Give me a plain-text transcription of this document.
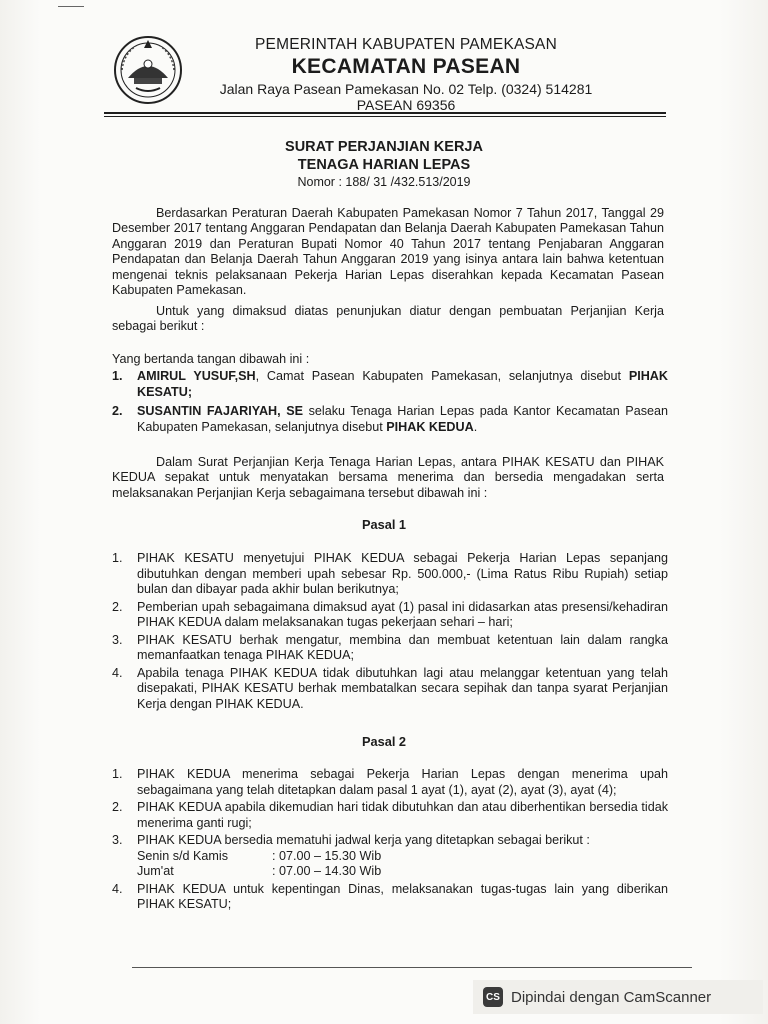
PEMERINTAH KABUPATEN PAMEKASAN
KECAMATAN PASEAN
Jalan Raya Pasean Pamekasan No. 02 Telp. (0324) 514281
PASEAN 69356
SURAT PERJANJIAN KERJA
TENAGA HARIAN LEPAS
Nomor : 188/ 31 /432.513/2019
Berdasarkan Peraturan Daerah Kabupaten Pamekasan Nomor 7 Tahun 2017, Tanggal 29 Desember 2017 tentang Anggaran Pendapatan dan Belanja Daerah Kabupaten Pamekasan Tahun Anggaran 2019 dan Peraturan Bupati Nomor 40 Tahun 2017 tentang Penjabaran Anggaran Pendapatan dan Belanja Daerah Tahun Anggaran 2019 yang isinya antara lain bahwa ketentuan mengenai teknis pelaksanaan Pekerja Harian Lepas diserahkan kepada Kecamatan Pasean Kabupaten Pamekasan.
Untuk yang dimaksud diatas penunjukan diatur dengan pembuatan Perjanjian Kerja sebagai berikut :
Yang bertanda tangan dibawah ini :
1. AMIRUL YUSUF,SH, Camat Pasean Kabupaten Pamekasan, selanjutnya disebut PIHAK KESATU;
2. SUSANTIN FAJARIYAH, SE selaku Tenaga Harian Lepas pada Kantor Kecamatan Pasean Kabupaten Pamekasan, selanjutnya disebut PIHAK KEDUA.
Dalam Surat Perjanjian Kerja Tenaga Harian Lepas, antara PIHAK KESATU dan PIHAK KEDUA sepakat untuk menyatakan bersama menerima dan bersedia mengadakan serta melaksanakan Perjanjian Kerja sebagaimana tersebut dibawah ini :
Pasal 1
1. PIHAK KESATU menyetujui PIHAK KEDUA sebagai Pekerja Harian Lepas sepanjang dibutuhkan dengan memberi upah sebesar Rp. 500.000,- (Lima Ratus Ribu Rupiah) setiap bulan dan dibayar pada akhir bulan berikutnya;
2. Pemberian upah sebagaimana dimaksud ayat (1) pasal ini didasarkan atas presensi/kehadiran PIHAK KEDUA dalam melaksanakan tugas pekerjaan sehari – hari;
3. PIHAK KESATU berhak mengatur, membina dan membuat ketentuan lain dalam rangka memanfaatkan tenaga PIHAK KEDUA;
4. Apabila tenaga PIHAK KEDUA tidak dibutuhkan lagi atau melanggar ketentuan yang telah disepakati, PIHAK KESATU berhak membatalkan secara sepihak dan tanpa syarat Perjanjian Kerja dengan PIHAK KEDUA.
Pasal 2
1. PIHAK KEDUA menerima sebagai Pekerja Harian Lepas dengan menerima upah sebagaimana yang telah ditetapkan dalam pasal 1 ayat (1), ayat (2), ayat (3), ayat (4);
2. PIHAK KEDUA apabila dikemudian hari tidak dibutuhkan dan atau diberhentikan bersedia tidak menerima ganti rugi;
3. PIHAK KEDUA bersedia mematuhi jadwal kerja yang ditetapkan sebagai berikut :
Senin s/d Kamis	: 07.00 – 15.30 Wib
Jum'at	: 07.00 – 14.30 Wib
4. PIHAK KEDUA untuk kepentingan Dinas, melaksanakan tugas-tugas lain yang diberikan PIHAK KESATU;
CS Dipindai dengan CamScanner
